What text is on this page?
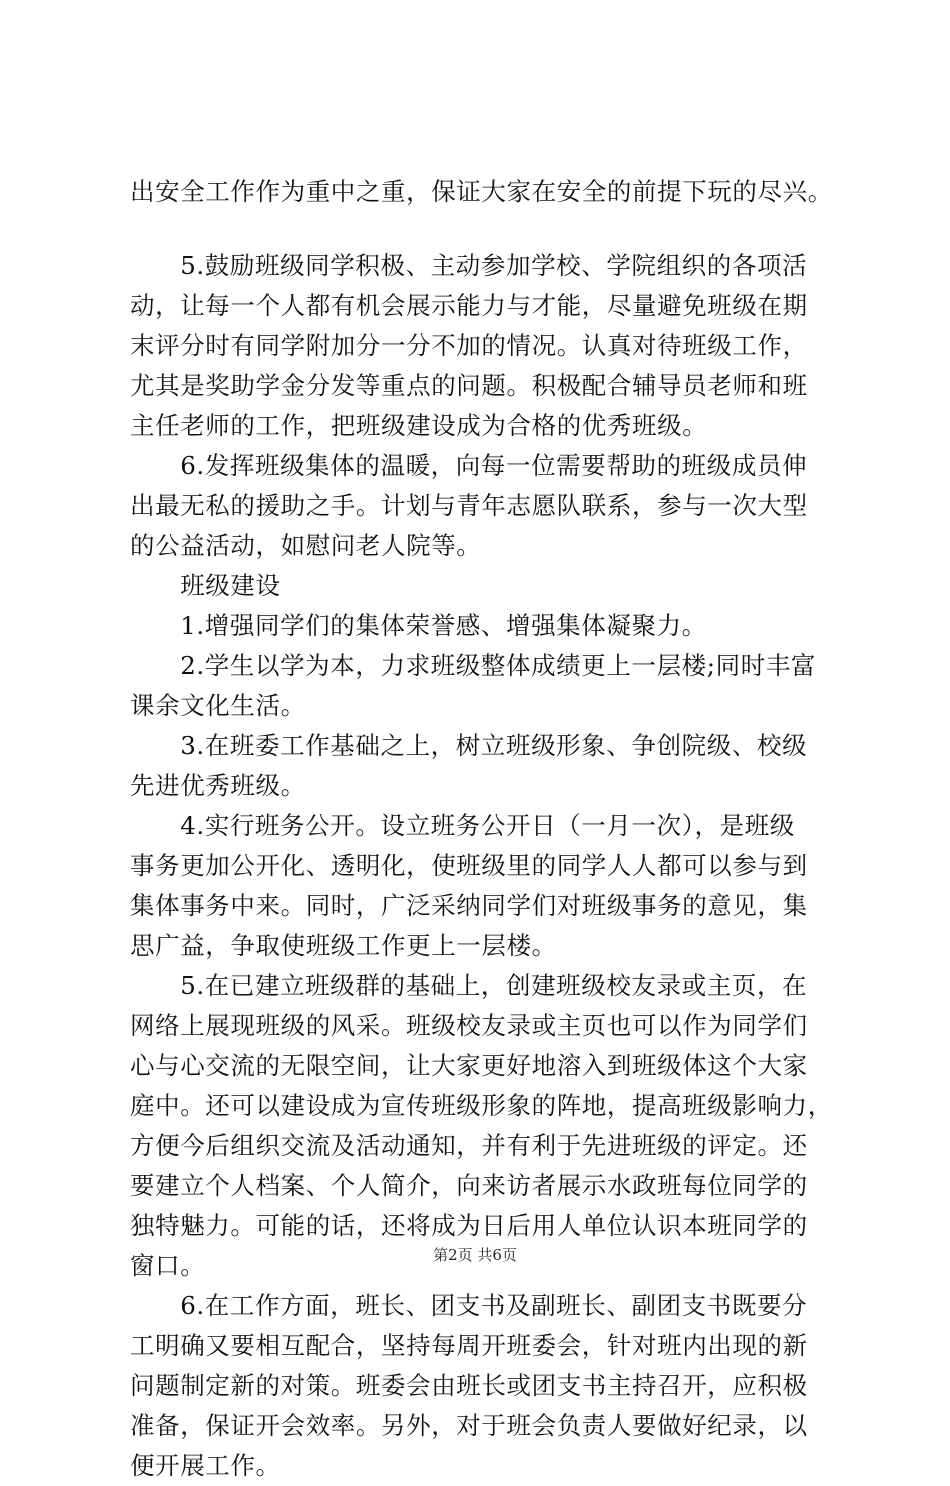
出安全工作作为重中之重，保证大家在安全的前提下玩的尽兴。
　　5.鼓励班级同学积极、主动参加学校、学院组织的各项活
动，让每一个人都有机会展示能力与才能，尽量避免班级在期
末评分时有同学附加分一分不加的情况。认真对待班级工作，
尤其是奖助学金分发等重点的问题。积极配合辅导员老师和班
主任老师的工作，把班级建设成为合格的优秀班级。
　　6.发挥班级集体的温暖，向每一位需要帮助的班级成员伸
出最无私的援助之手。计划与青年志愿队联系，参与一次大型
的公益活动，如慰问老人院等。
　　班级建设
　　1.增强同学们的集体荣誉感、增强集体凝聚力。
　　2.学生以学为本，力求班级整体成绩更上一层楼;同时丰富
课余文化生活。
　　3.在班委工作基础之上，树立班级形象、争创院级、校级
先进优秀班级。
　　4.实行班务公开。设立班务公开日（一月一次），是班级
事务更加公开化、透明化，使班级里的同学人人都可以参与到
集体事务中来。同时，广泛采纳同学们对班级事务的意见，集
思广益，争取使班级工作更上一层楼。
　　5.在已建立班级群的基础上，创建班级校友录或主页，在
网络上展现班级的风采。班级校友录或主页也可以作为同学们
心与心交流的无限空间，让大家更好地溶入到班级体这个大家
庭中。还可以建设成为宣传班级形象的阵地，提高班级影响力，
方便今后组织交流及活动通知，并有利于先进班级的评定。还
要建立个人档案、个人简介，向来访者展示水政班每位同学的
独特魅力。可能的话，还将成为日后用人单位认识本班同学的
窗口。
　　6.在工作方面，班长、团支书及副班长、副团支书既要分
工明确又要相互配合，坚持每周开班委会，针对班内出现的新
问题制定新的对策。班委会由班长或团支书主持召开，应积极
准备，保证开会效率。另外，对于班会负责人要做好纪录，以
便开展工作。
第2页 共6页
